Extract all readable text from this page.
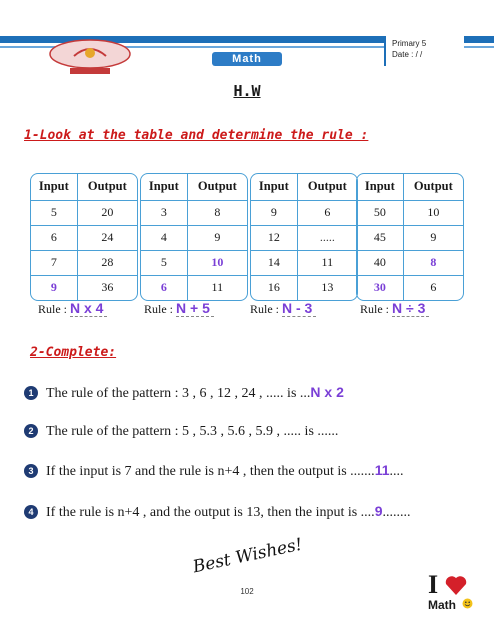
Primary 5
Date : / /
Math
H.W
1-Look at the table and determine the rule :
Input	Output
5	20
6	24
7	28
9	36
Input	Output
3	8
4	9
5	10
6	11
Input	Output
9	6
12	.....
14	11
16	13
Input	Output
50	10
45	9
40	8
30	6
Rule : N x 4	Rule : N + 5	Rule : N - 3	Rule : N ÷ 3
2-Complete:
1 The rule of the pattern : 3 , 6 , 12 , 24 , ..... is ...N x 2
2 The rule of the pattern : 5 , 5.3 , 5.6 , 5.9 , ..... is ......
3 If the input is 7 and the rule is n+4 , then the output is .......11....
4 If the rule is n+4 , and the output is 13, then the input is ....9........
Best Wishes!
102	I
Math
